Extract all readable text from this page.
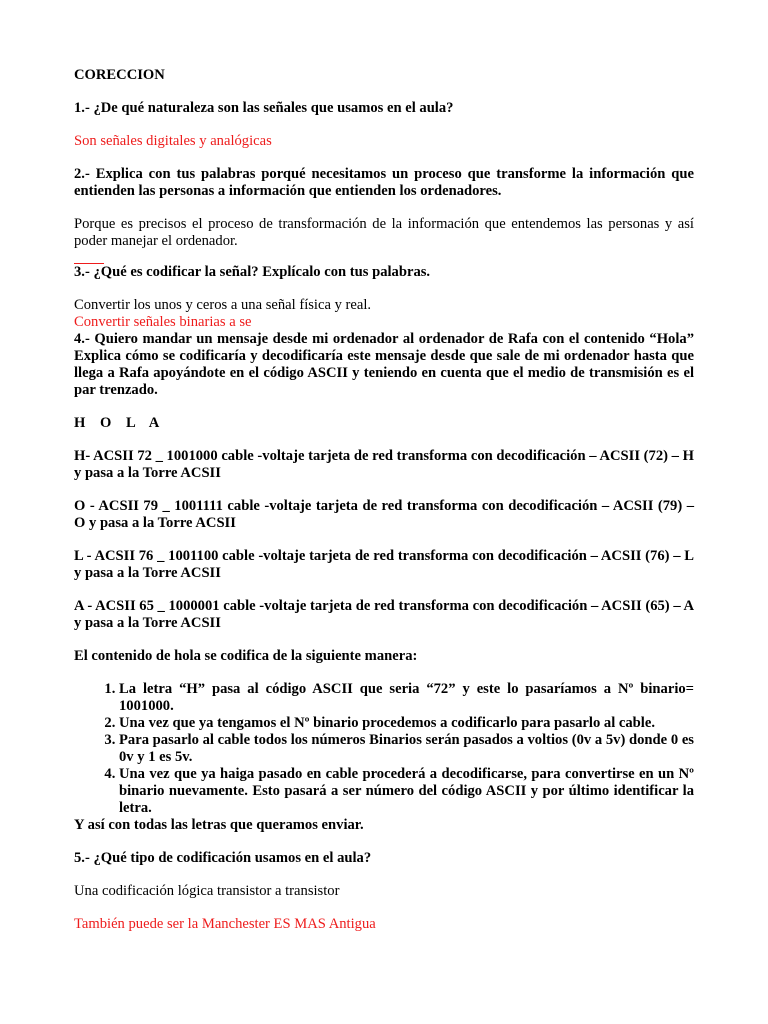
CORECCION

1.- ¿De qué naturaleza son las señales que usamos en el aula?

Son señales digitales y analógicas

2.- Explica con tus palabras porqué necesitamos un proceso que transforme la información que entienden las personas a información que entienden los ordenadores.

Porque es precisos el proceso de transformación de la información que entendemos las personas y así poder manejar el ordenador.

3.- ¿Qué es codificar la señal? Explícalo con tus palabras.

Convertir los unos y ceros a una señal física y real.

Convertir señales binarias a se

4.- Quiero mandar un mensaje desde mi ordenador al ordenador de Rafa con el contenido “Hola” Explica cómo se codificaría y decodificaría este mensaje desde que sale de mi ordenador hasta que llega a Rafa apoyándote en el código ASCII y teniendo en cuenta que el medio de transmisión es el par trenzado.

H O L A

H- ACSII 72 _ 1001000 cable -voltaje tarjeta de red transforma con decodificación – ACSII (72) – H y pasa a la Torre ACSII

O - ACSII 79 _ 1001111 cable -voltaje tarjeta de red transforma con decodificación – ACSII (79) – O y pasa a la Torre ACSII

L - ACSII 76 _ 1001100 cable -voltaje tarjeta de red transforma con decodificación – ACSII (76) – L y pasa a la Torre ACSII

A - ACSII 65 _ 1000001 cable -voltaje tarjeta de red transforma con decodificación – ACSII (65) – A y pasa a la Torre ACSII

El contenido de hola se codifica de la siguiente manera:

1. La letra “H” pasa al código ASCII que seria “72” y este lo pasaríamos a Nº binario= 1001000.
2. Una vez que ya tengamos el Nº binario procedemos a codificarlo para pasarlo al cable.
3. Para pasarlo al cable todos los números Binarios serán pasados a voltios (0v a 5v) donde 0 es 0v y 1 es 5v.
4. Una vez que ya haiga pasado en cable procederá a decodificarse, para convertirse en un Nº binario nuevamente. Esto pasará a ser número del código ASCII y por último identificar la letra.

Y así con todas las letras que queramos enviar.

5.- ¿Qué tipo de codificación usamos en el aula?

Una codificación lógica transistor a transistor

También puede ser la Manchester ES MAS Antigua
